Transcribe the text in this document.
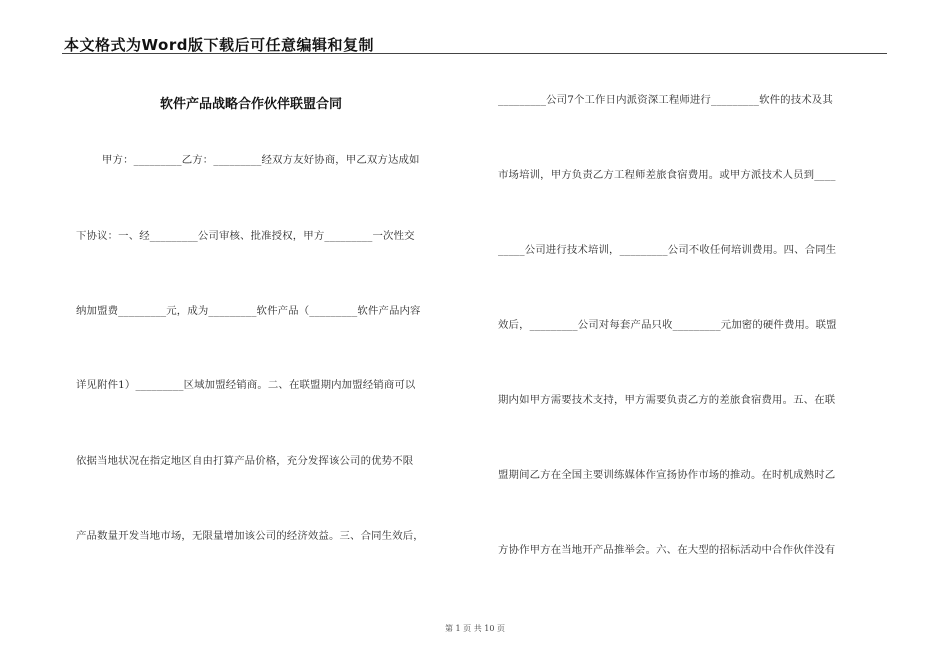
本文格式为Word版下载后可任意编辑和复制
软件产品战略合作伙伴联盟合同
甲方：_________乙方：_________经双方友好协商，甲乙双方达成如
下协议：一、经_________公司审核、批准授权，甲方_________一次性交
纳加盟费_________元，成为_________软件产品（_________软件产品内容
详见附件1）_________区域加盟经销商。二、在联盟期内加盟经销商可以
依据当地状况在指定地区自由打算产品价格，充分发挥该公司的优势不限
产品数量开发当地市场，无限量增加该公司的经济效益。三、合同生效后，
_________公司7个工作日内派资深工程师进行_________软件的技术及其
市场培训，甲方负责乙方工程师差旅食宿费用。或甲方派技术人员到____
_____公司进行技术培训，_________公司不收任何培训费用。四、合同生
效后，_________公司对每套产品只收_________元加密的硬件费用。联盟
期内如甲方需要技术支持，甲方需要负责乙方的差旅食宿费用。五、在联
盟期间乙方在全国主要训练媒体作宣扬协作市场的推动。在时机成熟时乙
方协作甲方在当地开产品推举会。六、在大型的招标活动中合作伙伴没有
第 1 页 共 10 页
